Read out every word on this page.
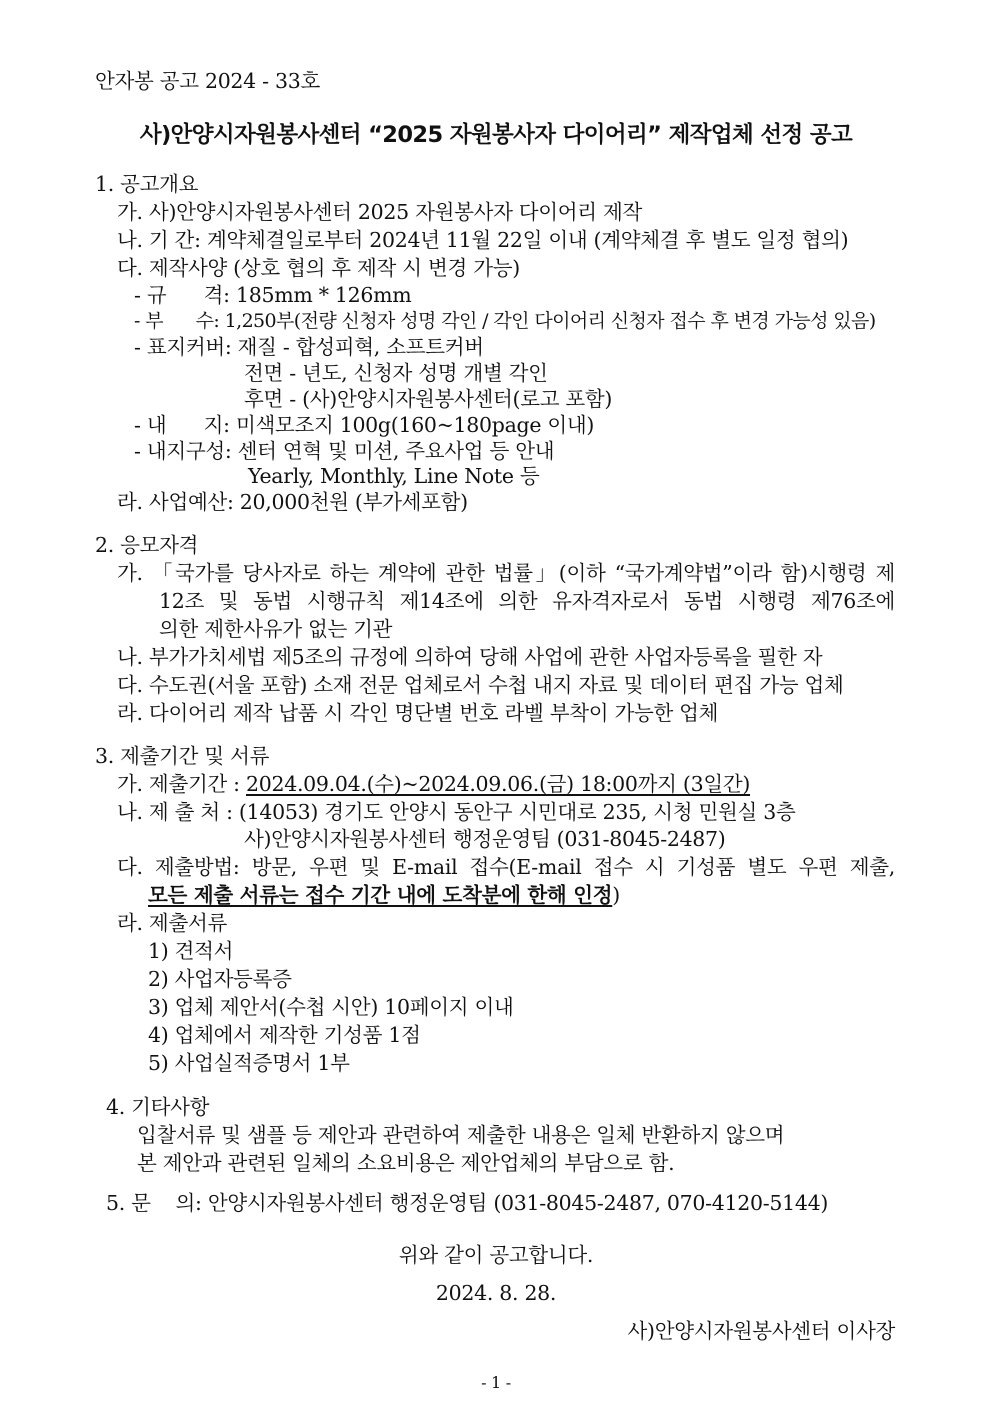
안자봉 공고 2024 - 33호
사)안양시자원봉사센터 “2025 자원봉사자 다이어리” 제작업체 선정 공고
1. 공고개요
가. 사)안양시자원봉사센터 2025 자원봉사자 다이어리 제작
나. 기 간: 계약체결일로부터 2024년 11월 22일 이내 (계약체결 후 별도 일정 협의)
다. 제작사양 (상호 협의 후 제작 시 변경 가능)
- 규      격: 185mm * 126mm
- 부      수: 1,250부(전량 신청자 성명 각인 / 각인 다이어리 신청자 접수 후 변경 가능성 있음)
- 표지커버: 재질 - 합성피혁, 소프트커버
전면 - 년도, 신청자 성명 개별 각인
후면 - (사)안양시자원봉사센터(로고 포함)
- 내      지: 미색모조지 100g(160~180page 이내)
- 내지구성: 센터 연혁 및 미션, 주요사업 등 안내
Yearly, Monthly, Line Note 등
라. 사업예산: 20,000천원 (부가세포함)
2. 응모자격
가. 「국가를 당사자로 하는 계약에 관한 법률」(이하 “국가계약법”이라 함)시행령 제
12조 및 동법 시행규칙 제14조에 의한 유자격자로서 동법 시행령 제76조에
의한 제한사유가 없는 기관
나. 부가가치세법 제5조의 규정에 의하여 당해 사업에 관한 사업자등록을 필한 자
다. 수도권(서울 포함) 소재 전문 업체로서 수첩 내지 자료 및 데이터 편집 가능 업체
라. 다이어리 제작 납품 시 각인 명단별 번호 라벨 부착이 가능한 업체
3. 제출기간 및 서류
가. 제출기간 : 2024.09.04.(수)~2024.09.06.(금) 18:00까지 (3일간)
나. 제 출 처 : (14053) 경기도 안양시 동안구 시민대로 235, 시청 민원실 3층
사)안양시자원봉사센터 행정운영팀 (031-8045-2487)
다. 제출방법: 방문, 우편 및 E-mail 접수(E-mail 접수 시 기성품 별도 우편 제출,
모든 제출 서류는 접수 기간 내에 도착분에 한해 인정)
라. 제출서류
1) 견적서
2) 사업자등록증
3) 업체 제안서(수첩 시안) 10페이지 이내
4) 업체에서 제작한 기성품 1점
5) 사업실적증명서 1부
4. 기타사항
입찰서류 및 샘플 등 제안과 관련하여 제출한 내용은 일체 반환하지 않으며
본 제안과 관련된 일체의 소요비용은 제안업체의 부담으로 함.
5. 문    의: 안양시자원봉사센터 행정운영팀 (031-8045-2487, 070-4120-5144)
위와 같이 공고합니다.
2024. 8. 28.
사)안양시자원봉사센터 이사장
- 1 -
